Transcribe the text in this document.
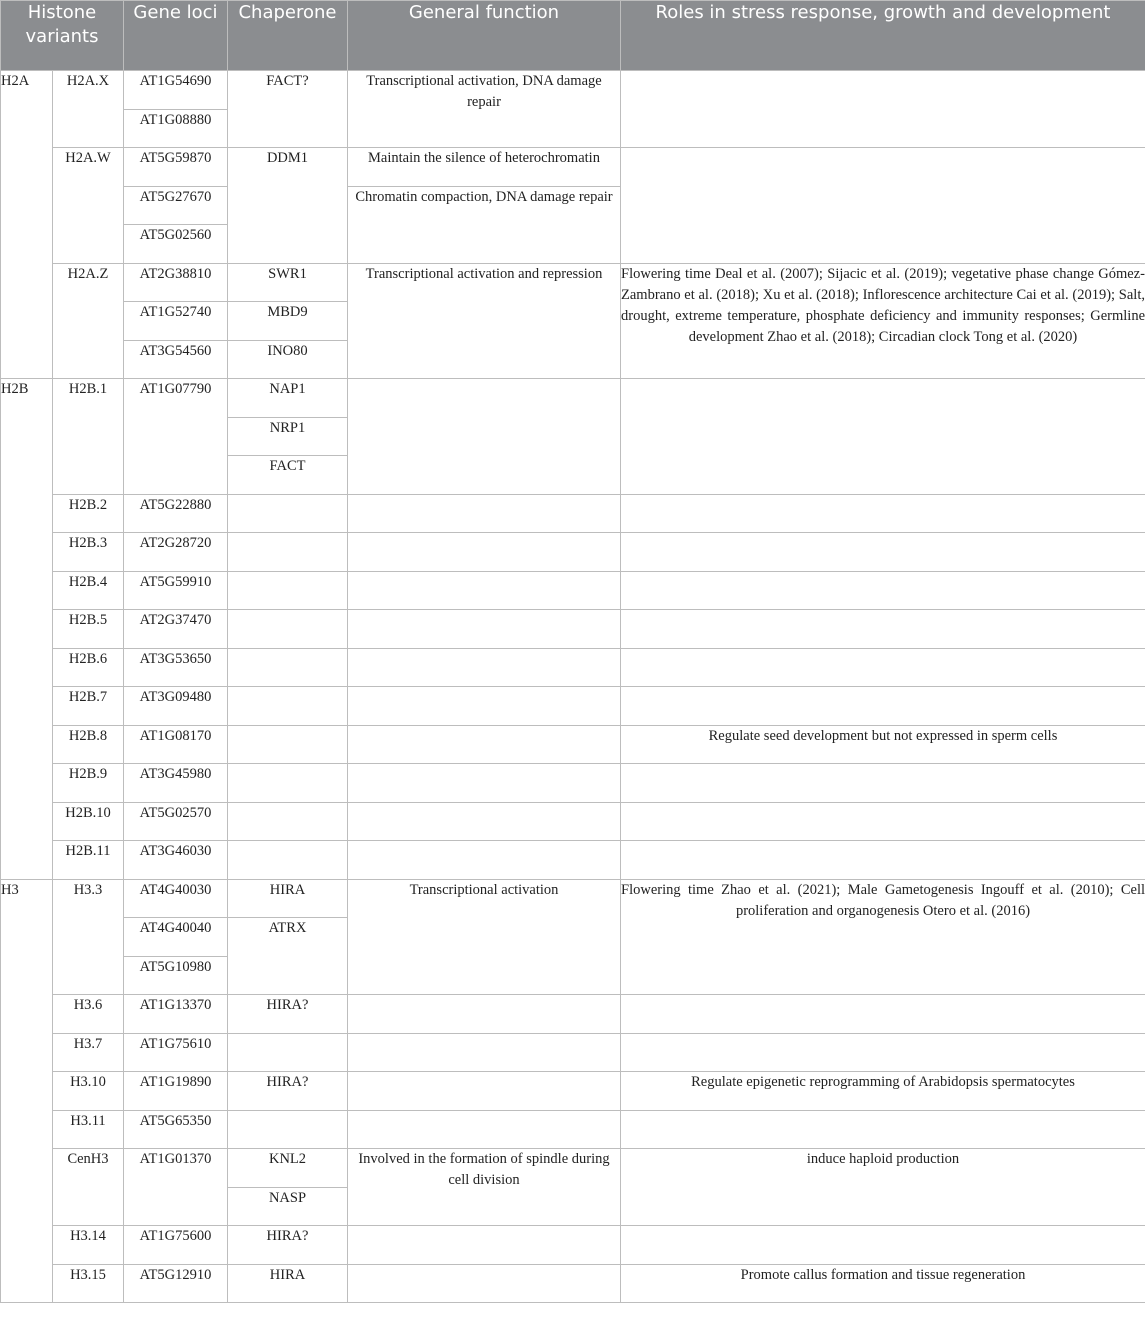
Histone variants		Gene loci	Chaperone	General function	Roles in stress response, growth and development
H2A	H2A.X	AT1G54690	FACT?	Transcriptional activation, DNA damage repair	
		AT1G08880			
	H2A.W	AT5G59870	DDM1	Maintain the silence of heterochromatin	
		AT5G27670		Chromatin compaction, DNA damage repair	
		AT5G02560			
	H2A.Z	AT2G38810	SWR1	Transcriptional activation and repression	Flowering time Deal et al. (2007); Sijacic et al. (2019); vegetative phase change Gómez-Zambrano et al. (2018); Xu et al. (2018); Inflorescence architecture Cai et al. (2019); Salt, drought, extreme temperature, phosphate deficiency and immunity responses; Germline development Zhao et al. (2018); Circadian clock Tong et al. (2020)
		AT1G52740	MBD9		
		AT3G54560	INO80		
H2B	H2B.1	AT1G07790	NAP1		
			NRP1		
			FACT		
	H2B.2	AT5G22880			
	H2B.3	AT2G28720			
	H2B.4	AT5G59910			
	H2B.5	AT2G37470			
	H2B.6	AT3G53650			
	H2B.7	AT3G09480			
	H2B.8	AT1G08170			Regulate seed development but not expressed in sperm cells
	H2B.9	AT3G45980			
	H2B.10	AT5G02570			
	H2B.11	AT3G46030			
H3	H3.3	AT4G40030	HIRA	Transcriptional activation	Flowering time Zhao et al. (2021); Male Gametogenesis Ingouff et al. (2010); Cell proliferation and organogenesis Otero et al. (2016)
		AT4G40040	ATRX		
		AT5G10980			
	H3.6	AT1G13370	HIRA?		
	H3.7	AT1G75610			
	H3.10	AT1G19890	HIRA?		Regulate epigenetic reprogramming of Arabidopsis spermatocytes
	H3.11	AT5G65350			
	CenH3	AT1G01370	KNL2	Involved in the formation of spindle during cell division	induce haploid production
			NASP		
	H3.14	AT1G75600	HIRA?		
	H3.15	AT5G12910	HIRA		Promote callus formation and tissue regeneration
